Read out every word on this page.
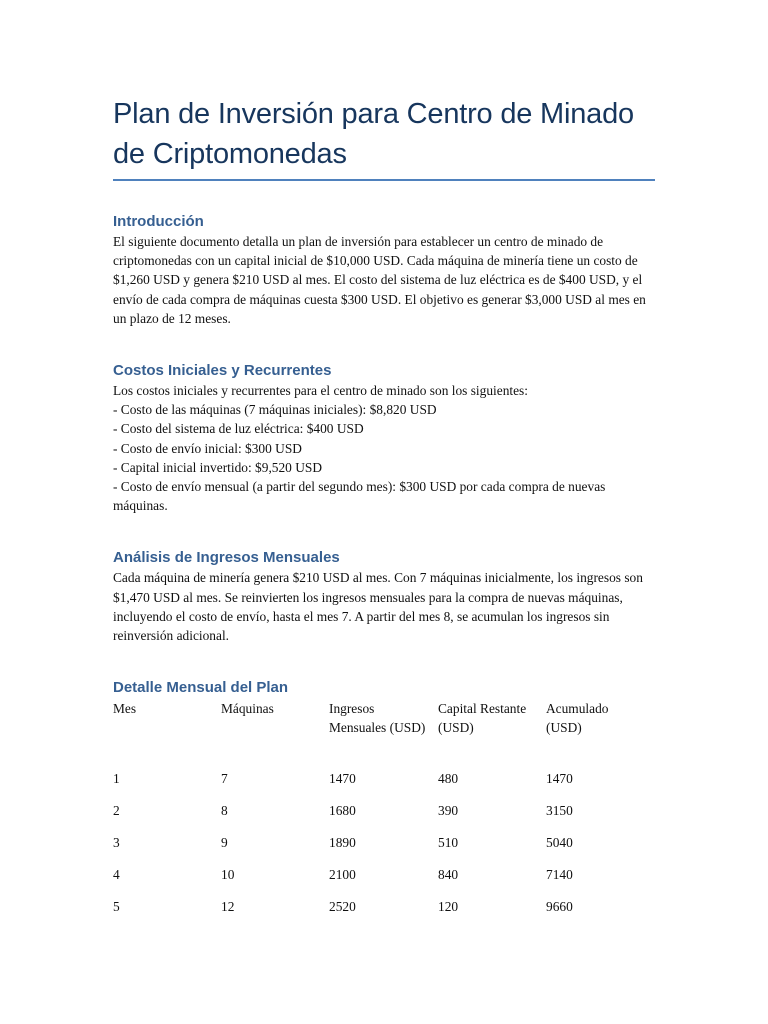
Plan de Inversión para Centro de Minado de Criptomonedas
Introducción

El siguiente documento detalla un plan de inversión para establecer un centro de minado de criptomonedas con un capital inicial de $10,000 USD. Cada máquina de minería tiene un costo de $1,260 USD y genera $210 USD al mes. El costo del sistema de luz eléctrica es de $400 USD, y el envío de cada compra de máquinas cuesta $300 USD. El objetivo es generar $3,000 USD al mes en un plazo de 12 meses.

Costos Iniciales y Recurrentes

Los costos iniciales y recurrentes para el centro de minado son los siguientes:

- Costo de las máquinas (7 máquinas iniciales): $8,820 USD
- Costo del sistema de luz eléctrica: $400 USD
- Costo de envío inicial: $300 USD
- Capital inicial invertido: $9,520 USD
- Costo de envío mensual (a partir del segundo mes): $300 USD por cada compra de nuevas máquinas.
Análisis de Ingresos Mensuales

Cada máquina de minería genera $210 USD al mes. Con 7 máquinas inicialmente, los ingresos son $1,470 USD al mes. Se reinvierten los ingresos mensuales para la compra de nuevas máquinas, incluyendo el costo de envío, hasta el mes 7. A partir del mes 8, se acumulan los ingresos sin reinversión adicional.

Detalle Mensual del Plan
Mes	Máquinas	Ingresos Mensuales (USD)	Capital Restante (USD)	Acumulado (USD)

1	7	1470	480	1470
2	8	1680	390	3150
3	9	1890	510	5040
4	10	2100	840	7140
5	12	2520	120	9660
